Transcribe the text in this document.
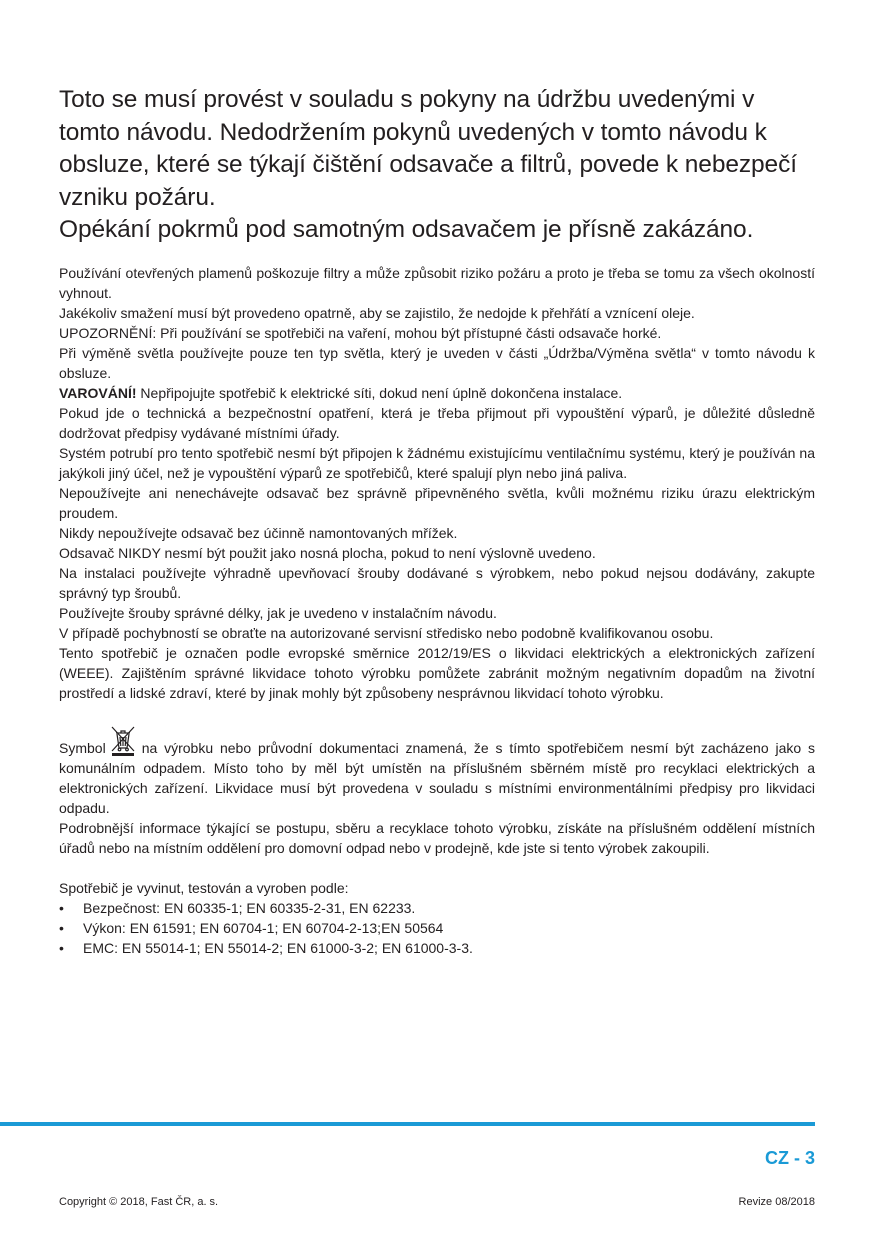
Toto se musí provést v souladu s pokyny na údržbu uvedenými v tomto návodu. Nedodržením pokynů uvedených v tomto návodu k obsluze, které se týkají čištění odsavače a filtrů, povede k nebezpečí vzniku požáru.

Opékání pokrmů pod samotným odsavačem je přísně zakázáno.

Používání otevřených plamenů poškozuje filtry a může způsobit riziko požáru a proto je třeba se tomu za všech okolností vyhnout.

Jakékoliv smažení musí být provedeno opatrně, aby se zajistilo, že nedojde k přehřátí a vznícení oleje.

UPOZORNĚNÍ: Při používání se spotřebiči na vaření, mohou být přístupné části odsavače horké.

Při výměně světla používejte pouze ten typ světla, který je uveden v části „Údržba/Výměna světla“ v tomto návodu k obsluze.

VAROVÁNÍ! Nepřipojujte spotřebič k elektrické síti, dokud není úplně dokončena instalace.

Pokud jde o technická a bezpečnostní opatření, která je třeba přijmout při vypouštění výparů, je důležité důsledně dodržovat předpisy vydávané místními úřady.

Systém potrubí pro tento spotřebič nesmí být připojen k žádnému existujícímu ventilačnímu systému, který je používán na jakýkoli jiný účel, než je vypouštění výparů ze spotřebičů, které spalují plyn nebo jiná paliva.

Nepoužívejte ani nenechávejte odsavač bez správně připevněného světla, kvůli možnému riziku úrazu elektrickým proudem.

Nikdy nepoužívejte odsavač bez účinně namontovaných mřížek.

Odsavač NIKDY nesmí být použit jako nosná plocha, pokud to není výslovně uvedeno.

Na instalaci používejte výhradně upevňovací šrouby dodávané s výrobkem, nebo pokud nejsou dodávány, zakupte správný typ šroubů.

Používejte šrouby správné délky, jak je uvedeno v instalačním návodu.

V případě pochybností se obraťte na autorizované servisní středisko nebo podobně kvalifikovanou osobu.

Tento spotřebič je označen podle evropské směrnice 2012/19/ES o likvidaci elektrických a elektronických zařízení (WEEE). Zajištěním správné likvidace tohoto výrobku pomůžete zabránit možným negativním dopadům na životní prostředí a lidské zdraví, které by jinak mohly být způsobeny nesprávnou likvidací tohoto výrobku.

Symbol	na výrobku nebo průvodní dokumentaci znamená, že s tímto spotřebičem nesmí být zacházeno jako s komunálním odpadem. Místo toho by měl být umístěn na příslušném sběrném místě pro recyklaci elektrických a elektronických zařízení. Likvidace musí být provedena v souladu s místními environmentálními předpisy pro likvidaci odpadu.

Podrobnější informace týkající se postupu, sběru a recyklace tohoto výrobku, získáte na příslušném oddělení místních úřadů nebo na místním oddělení pro domovní odpad nebo v prodejně, kde jste si tento výrobek zakoupili.

Spotřebič je vyvinut, testován a vyroben podle:

• Bezpečnost: EN 60335-1; EN 60335-2-31, EN 62233.
• Výkon: EN 61591; EN 60704-1; EN 60704-2-13;EN 50564
• EMC: EN 55014-1; EN 55014-2; EN 61000-3-2; EN 61000-3-3.
CZ - 3
Copyright © 2018, Fast ČR, a. s.	Revize 08/2018
